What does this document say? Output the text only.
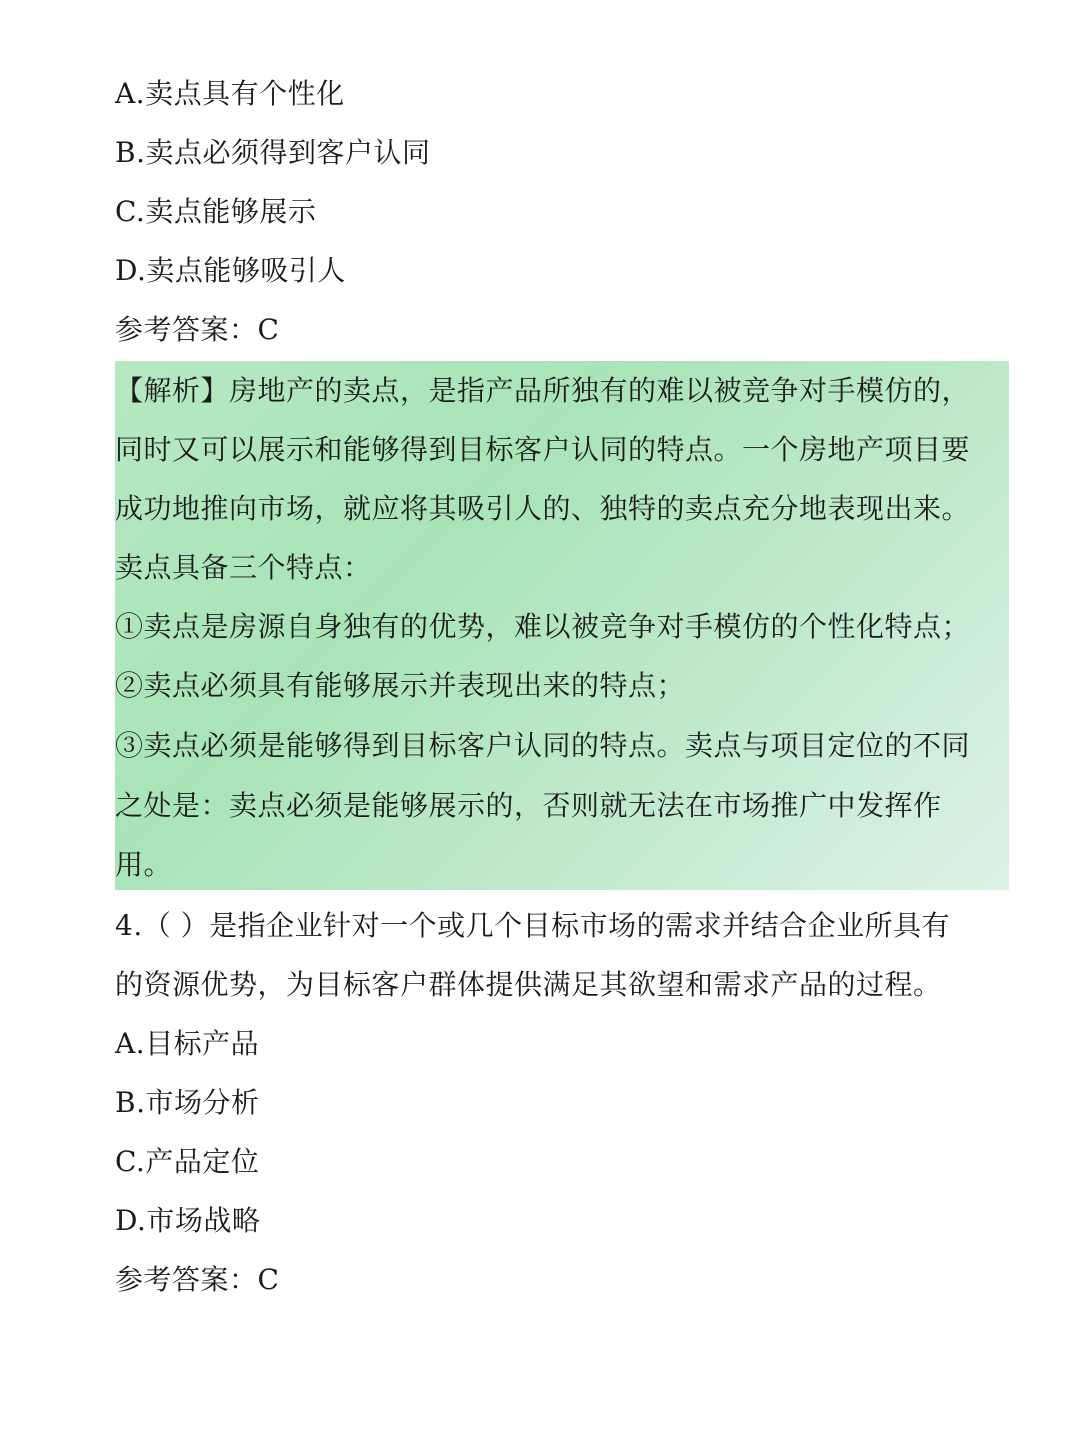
A.卖点具有个性化
B.卖点必须得到客户认同
C.卖点能够展示
D.卖点能够吸引人
参考答案：C
【解析】房地产的卖点，是指产品所独有的难以被竞争对手模仿的，
同时又可以展示和能够得到目标客户认同的特点。一个房地产项目要
成功地推向市场，就应将其吸引人的、独特的卖点充分地表现出来。
卖点具备三个特点：
①卖点是房源自身独有的优势，难以被竞争对手模仿的个性化特点；
②卖点必须具有能够展示并表现出来的特点；
③卖点必须是能够得到目标客户认同的特点。卖点与项目定位的不同
之处是：卖点必须是能够展示的，否则就无法在市场推广中发挥作
用。
4.（ ）是指企业针对一个或几个目标市场的需求并结合企业所具有
的资源优势，为目标客户群体提供满足其欲望和需求产品的过程。
A.目标产品
B.市场分析
C.产品定位
D.市场战略
参考答案：C
